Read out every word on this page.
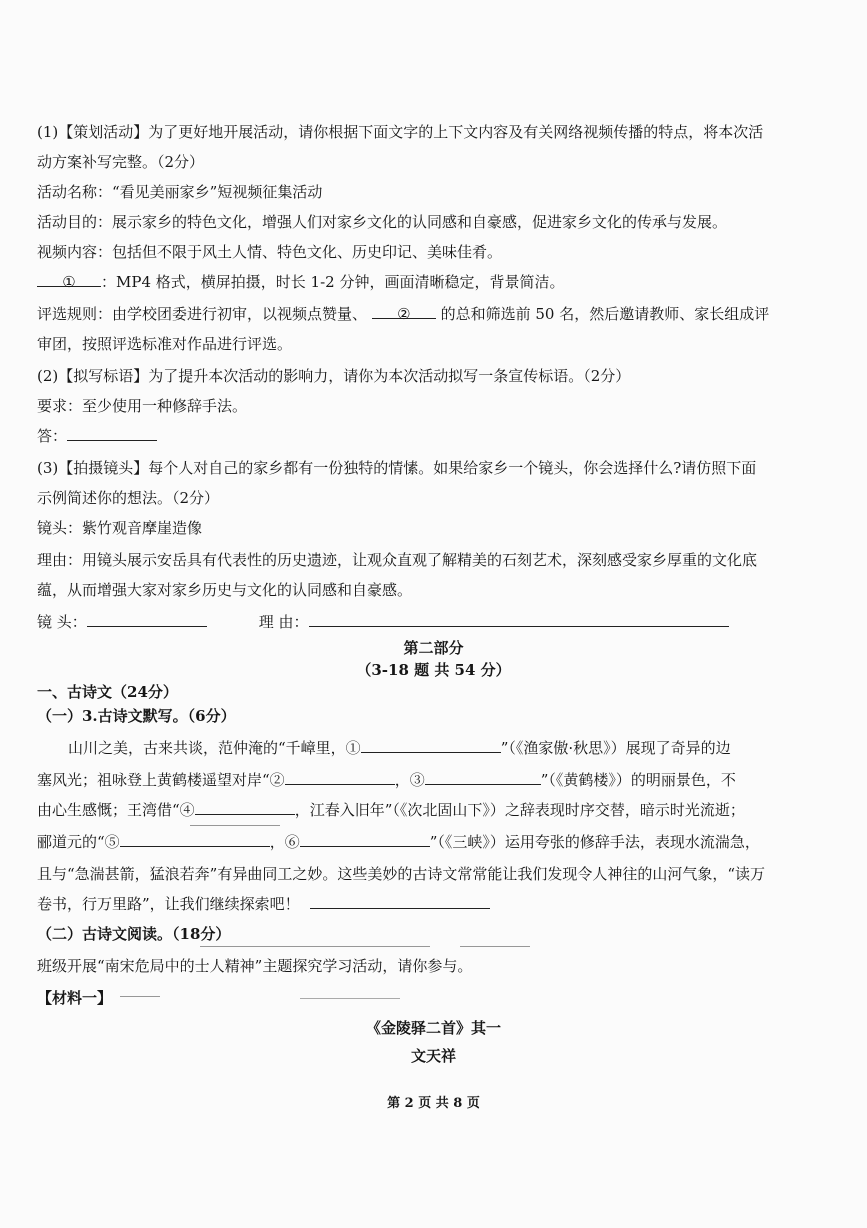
(1)【策划活动】为了更好地开展活动，请你根据下面文字的上下文内容及有关网络视频传播的特点，将本次活
动方案补写完整。（2分）
活动名称：“看见美丽家乡”短视频征集活动
活动目的：展示家乡的特色文化，增强人们对家乡文化的认同感和自豪感，促进家乡文化的传承与发展。
视频内容：包括但不限于风土人情、特色文化、历史印记、美味佳肴。
① ：MP4 格式，横屏拍摄，时长 1-2 分钟，画面清晰稳定，背景简洁。
评选规则：由学校团委进行初审，以视频点赞量、 ② 的总和筛选前 50 名，然后邀请教师、家长组成评
审团，按照评选标准对作品进行评选。
(2)【拟写标语】为了提升本次活动的影响力，请你为本次活动拟写一条宣传标语。（2分）
要求：至少使用一种修辞手法。
答：
(3)【拍摄镜头】每个人对自己的家乡都有一份独特的情愫。如果给家乡一个镜头，你会选择什么?请仿照下面
示例简述你的想法。（2分）
镜头：紫竹观音摩崖造像
理由：用镜头展示安岳具有代表性的历史遗迹，让观众直观了解精美的石刻艺术，深刻感受家乡厚重的文化底
蕴，从而增强大家对家乡历史与文化的认同感和自豪感。
镜 头：	理 由：
第二部分
（3-18 题 共 54 分）
一、古诗文（24分）
（一）3.古诗文默写。（6分）
山川之美，古来共谈，范仲淹的“千嶂里，①	”（《渔家傲·秋思》）展现了奇异的边
塞风光；祖咏登上黄鹤楼遥望对岸“②	，③	”（《黄鹤楼》）的明丽景色，不
由心生感慨；王湾借“④	，江春入旧年”（《次北固山下》）之辞表现时序交替，暗示时光流逝；
郦道元的“⑤	，⑥	”（《三峡》）运用夸张的修辞手法，表现水流湍急，
且与“急湍甚箭，猛浪若奔”有异曲同工之妙。这些美妙的古诗文常常能让我们发现令人神往的山河气象，“读万
卷书，行万里路”，让我们继续探索吧！
（二）古诗文阅读。（18分）
班级开展“南宋危局中的士人精神”主题探究学习活动，请你参与。
【材料一】
《金陵驿二首》其一
文天祥
第 2 页 共 8 页
